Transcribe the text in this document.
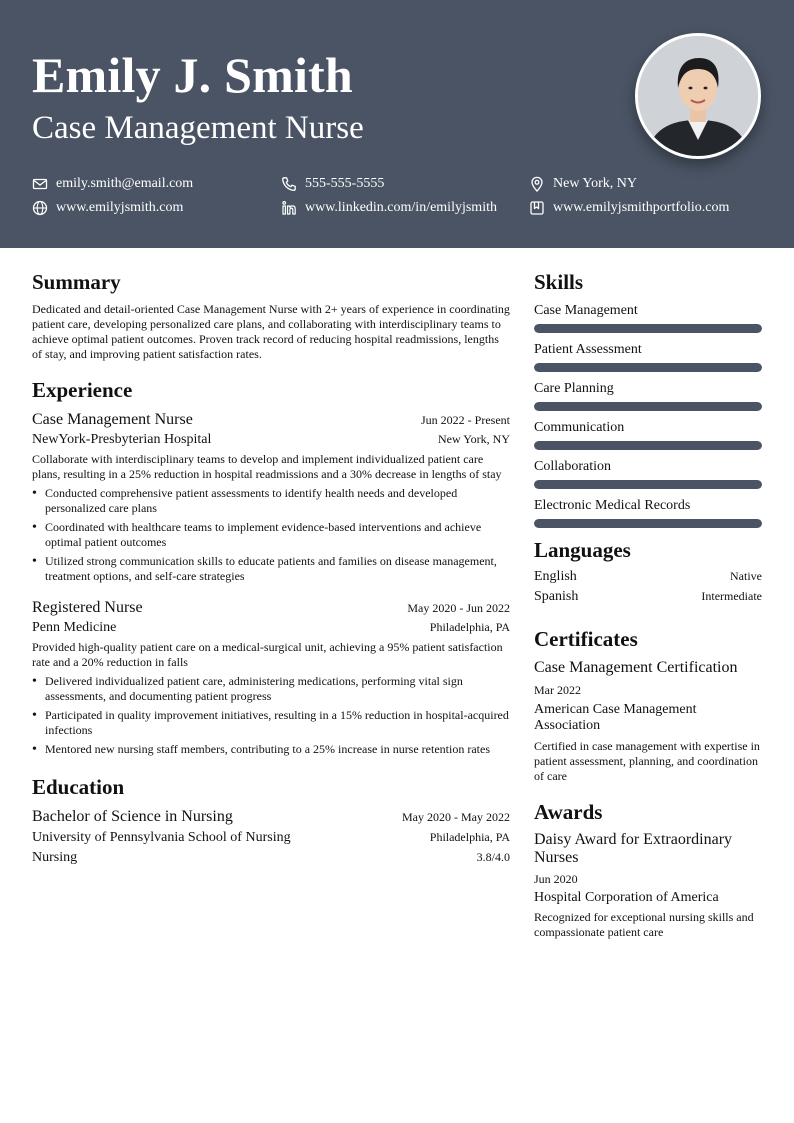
Emily J. Smith
Case Management Nurse
emily.smith@email.com	555-555-5555	New York, NY
www.emilyjsmith.com	www.linkedin.com/in/emilyjsmith	www.emilyjsmithportfolio.com
Summary

Dedicated and detail-oriented Case Management Nurse with 2+ years of experience in coordinating patient care, developing personalized care plans, and collaborating with interdisciplinary teams to achieve optimal patient outcomes. Proven track record of reducing hospital readmissions, lengths of stay, and improving patient satisfaction rates.

Experience
Case Management Nurse	Jun 2022 - Present
NewYork-Presbyterian Hospital	New York, NY

Collaborate with interdisciplinary teams to develop and implement individualized patient care plans, resulting in a 25% reduction in hospital readmissions and a 30% decrease in lengths of stay

• Conducted comprehensive patient assessments to identify health needs and developed personalized care plans
• Coordinated with healthcare teams to implement evidence-based interventions and achieve optimal patient outcomes
• Utilized strong communication skills to educate patients and families on disease management, treatment options, and self-care strategies
Registered Nurse	May 2020 - Jun 2022
Penn Medicine	Philadelphia, PA

Provided high-quality patient care on a medical-surgical unit, achieving a 95% patient satisfaction rate and a 20% reduction in falls

• Delivered individualized patient care, administering medications, performing vital sign assessments, and documenting patient progress
• Participated in quality improvement initiatives, resulting in a 15% reduction in hospital-acquired infections
• Mentored new nursing staff members, contributing to a 25% increase in nurse retention rates
Education
Bachelor of Science in Nursing	May 2020 - May 2022
University of Pennsylvania School of Nursing	Philadelphia, PA
Nursing	3.8/4.0
Skills
Case Management
Patient Assessment
Care Planning
Communication
Collaboration
Electronic Medical Records
Languages
English	Native
Spanish	Intermediate
Certificates
Case Management Certification
Mar 2022
American Case Management Association

Certified in case management with expertise in patient assessment, planning, and coordination of care

Awards
Daisy Award for Extraordinary Nurses
Jun 2020
Hospital Corporation of America

Recognized for exceptional nursing skills and compassionate patient care
